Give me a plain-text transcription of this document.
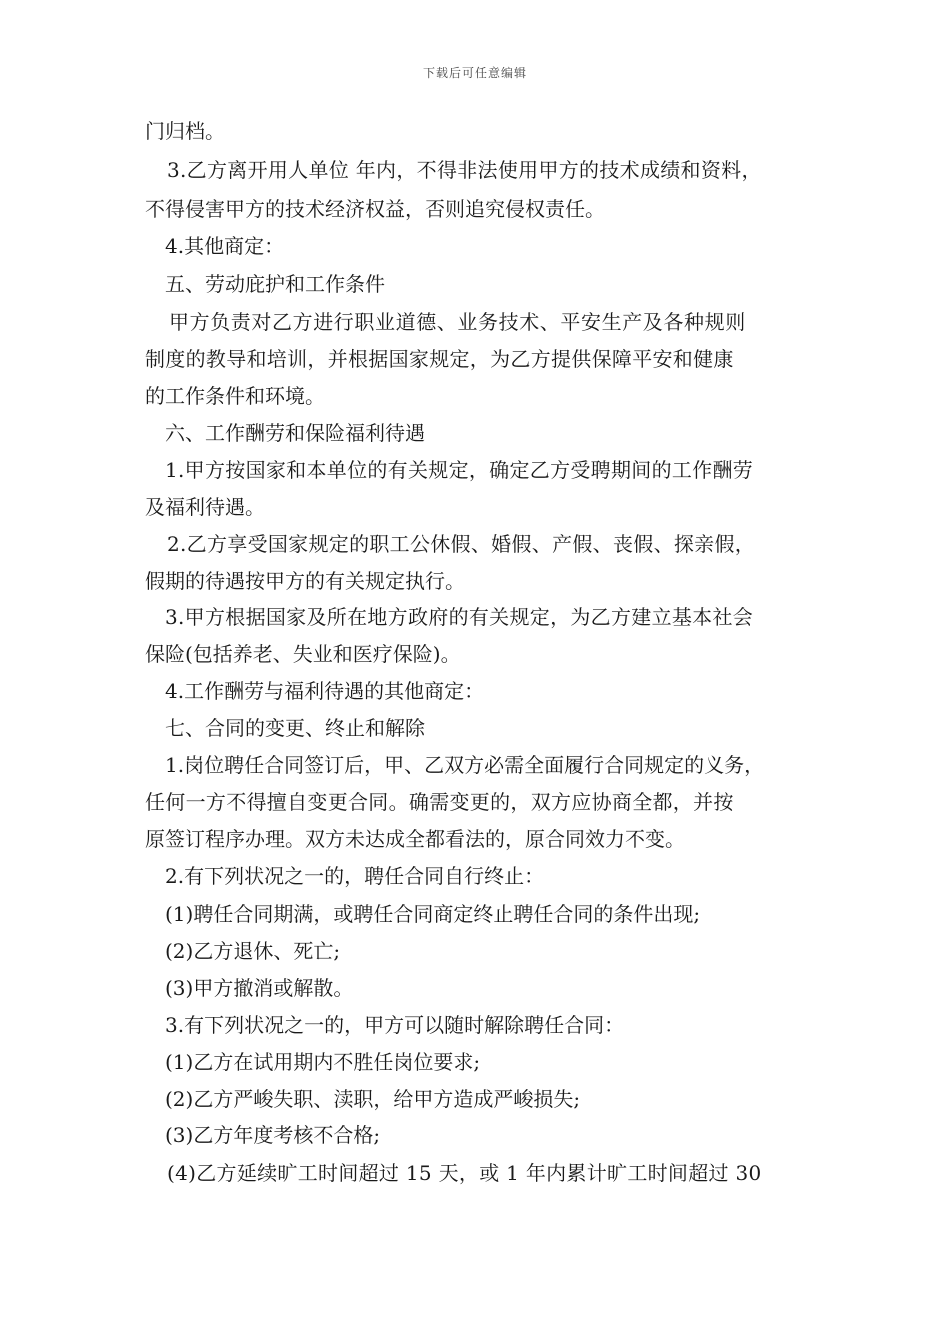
下载后可任意编辑
门归档。
3.乙方离开用人单位 年内，不得非法使用甲方的技术成绩和资料，
不得侵害甲方的技术经济权益，否则追究侵权责任。
4.其他商定：
五、劳动庇护和工作条件
甲方负责对乙方进行职业道德、业务技术、平安生产及各种规则
制度的教导和培训，并根据国家规定，为乙方提供保障平安和健康
的工作条件和环境。
六、工作酬劳和保险福利待遇
1.甲方按国家和本单位的有关规定，确定乙方受聘期间的工作酬劳
及福利待遇。
2.乙方享受国家规定的职工公休假、婚假、产假、丧假、探亲假，
假期的待遇按甲方的有关规定执行。
3.甲方根据国家及所在地方政府的有关规定，为乙方建立基本社会
保险(包括养老、失业和医疗保险)。
4.工作酬劳与福利待遇的其他商定：
七、合同的变更、终止和解除
1.岗位聘任合同签订后，甲、乙双方必需全面履行合同规定的义务，
任何一方不得擅自变更合同。确需变更的，双方应协商全都，并按
原签订程序办理。双方未达成全都看法的，原合同效力不变。
2.有下列状况之一的，聘任合同自行终止：
(1)聘任合同期满，或聘任合同商定终止聘任合同的条件出现;
(2)乙方退休、死亡;
(3)甲方撤消或解散。
3.有下列状况之一的，甲方可以随时解除聘任合同：
(1)乙方在试用期内不胜任岗位要求;
(2)乙方严峻失职、渎职，给甲方造成严峻损失;
(3)乙方年度考核不合格;
(4)乙方延续旷工时间超过 15 天，或 1 年内累计旷工时间超过 30
